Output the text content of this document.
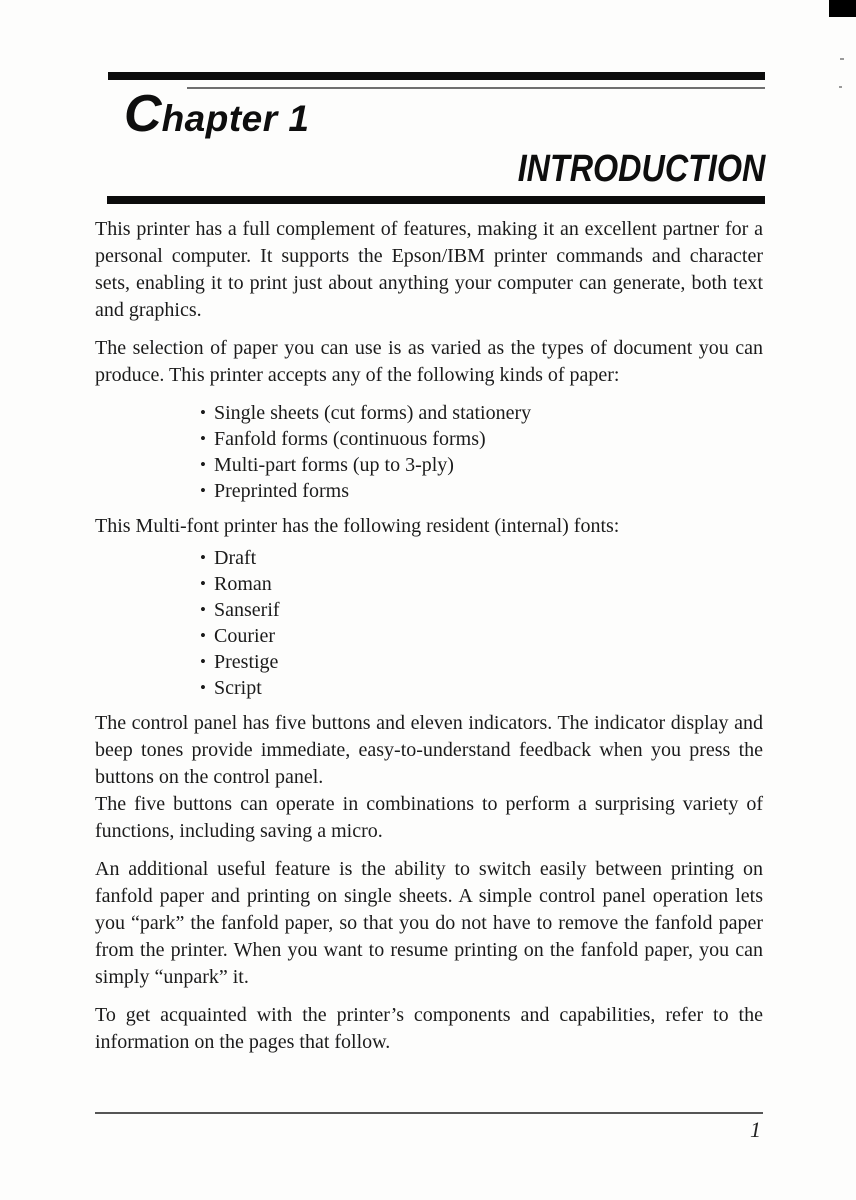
Chapter 1
INTRODUCTION

This printer has a full complement of features, making it an excellent partner for a personal computer. It supports the Epson/IBM printer commands and character sets, enabling it to print just about anything your computer can generate, both text and graphics.

The selection of paper you can use is as varied as the types of document you can produce. This printer accepts any of the following kinds of paper:

• Single sheets (cut forms) and stationery
• Fanfold forms (continuous forms)
• Multi-part forms (up to 3-ply)
• Preprinted forms

This Multi-font printer has the following resident (internal) fonts:

• Draft
• Roman
• Sanserif
• Courier
• Prestige
• Script

The control panel has five buttons and eleven indicators. The indicator display and beep tones provide immediate, easy-to-understand feedback when you press the buttons on the control panel.

The five buttons can operate in combinations to perform a surprising variety of functions, including saving a micro.

An additional useful feature is the ability to switch easily between printing on fanfold paper and printing on single sheets. A simple control panel operation lets you “park” the fanfold paper, so that you do not have to remove the fanfold paper from the printer. When you want to resume printing on the fanfold paper, you can simply “unpark” it.

To get acquainted with the printer’s components and capabilities, refer to the information on the pages that follow.

1
